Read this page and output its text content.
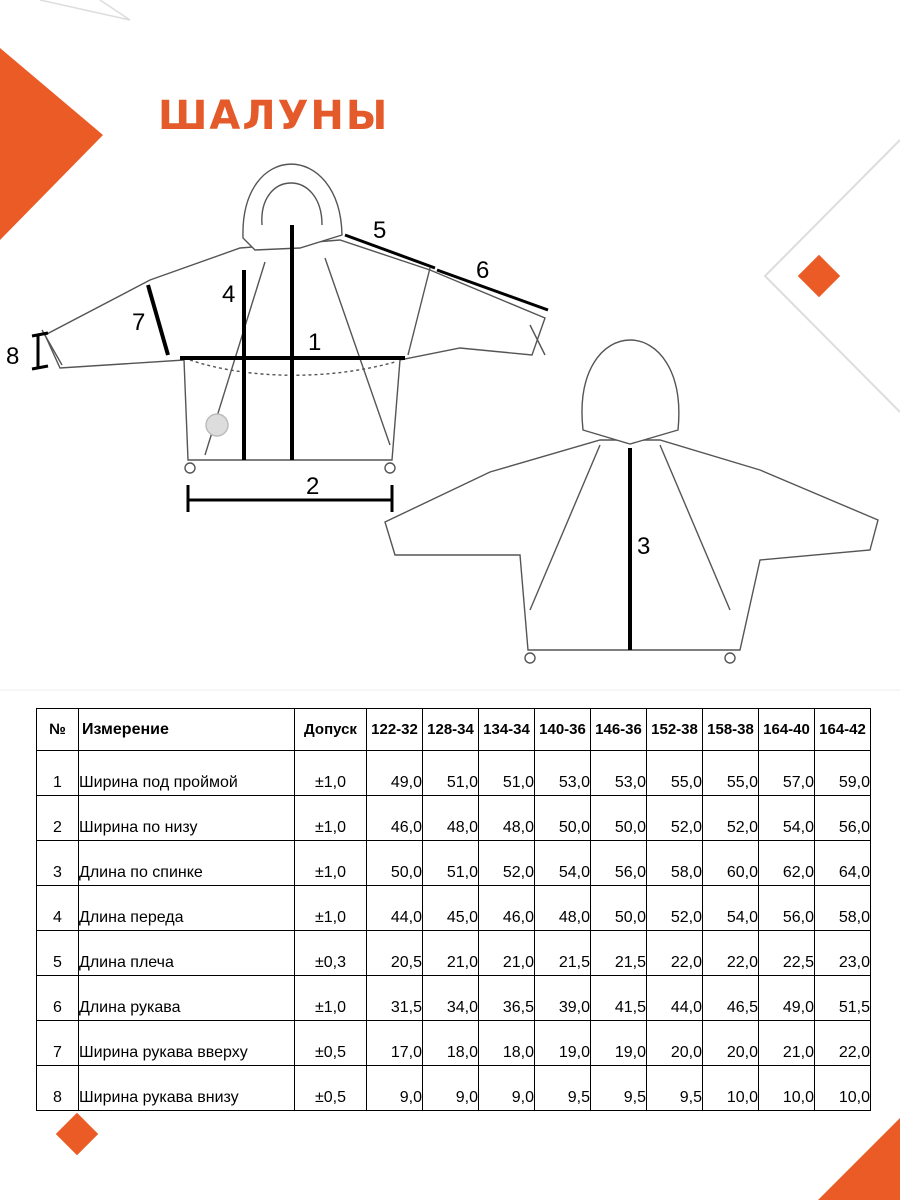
ШАЛУНЫ
1
2
4
5
6
7
8
3
№	Измерение	Допуск	122-32	128-34	134-34	140-36	146-36	152-38	158-38	164-40	164-42
1	Ширина под проймой	±1,0	49,0	51,0	51,0	53,0	53,0	55,0	55,0	57,0	59,0
2	Ширина по низу	±1,0	46,0	48,0	48,0	50,0	50,0	52,0	52,0	54,0	56,0
3	Длина по спинке	±1,0	50,0	51,0	52,0	54,0	56,0	58,0	60,0	62,0	64,0
4	Длина переда	±1,0	44,0	45,0	46,0	48,0	50,0	52,0	54,0	56,0	58,0
5	Длина плеча	±0,3	20,5	21,0	21,0	21,5	21,5	22,0	22,0	22,5	23,0
6	Длина рукава	±1,0	31,5	34,0	36,5	39,0	41,5	44,0	46,5	49,0	51,5
7	Ширина рукава вверху	±0,5	17,0	18,0	18,0	19,0	19,0	20,0	20,0	21,0	22,0
8	Ширина рукава внизу	±0,5	9,0	9,0	9,0	9,5	9,5	9,5	10,0	10,0	10,0
